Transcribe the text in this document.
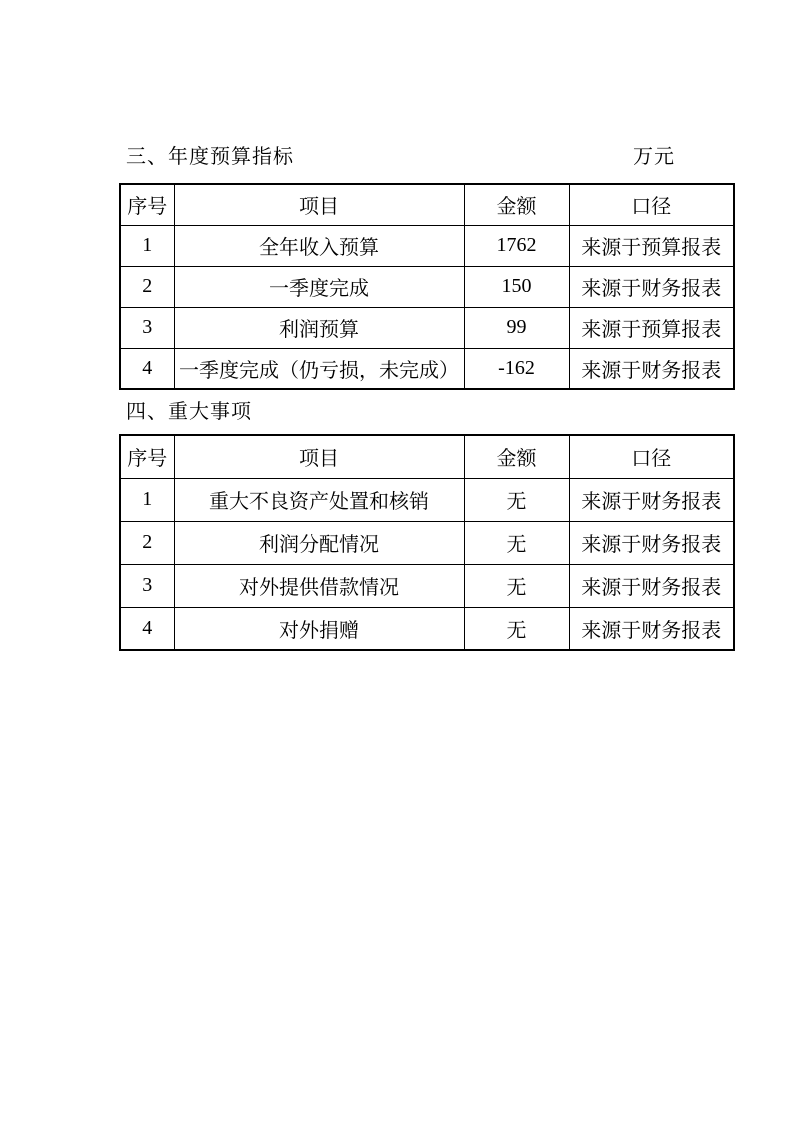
三、年度预算指标	万元
序号	项目	金额	口径
1	全年收入预算	1762	来源于预算报表
2	一季度完成	150	来源于财务报表
3	利润预算	99	来源于预算报表
4	一季度完成（仍亏损，未完成）	-162	来源于财务报表
四、重大事项
序号	项目	金额	口径
1	重大不良资产处置和核销	无	来源于财务报表
2	利润分配情况	无	来源于财务报表
3	对外提供借款情况	无	来源于财务报表
4	对外捐赠	无	来源于财务报表
